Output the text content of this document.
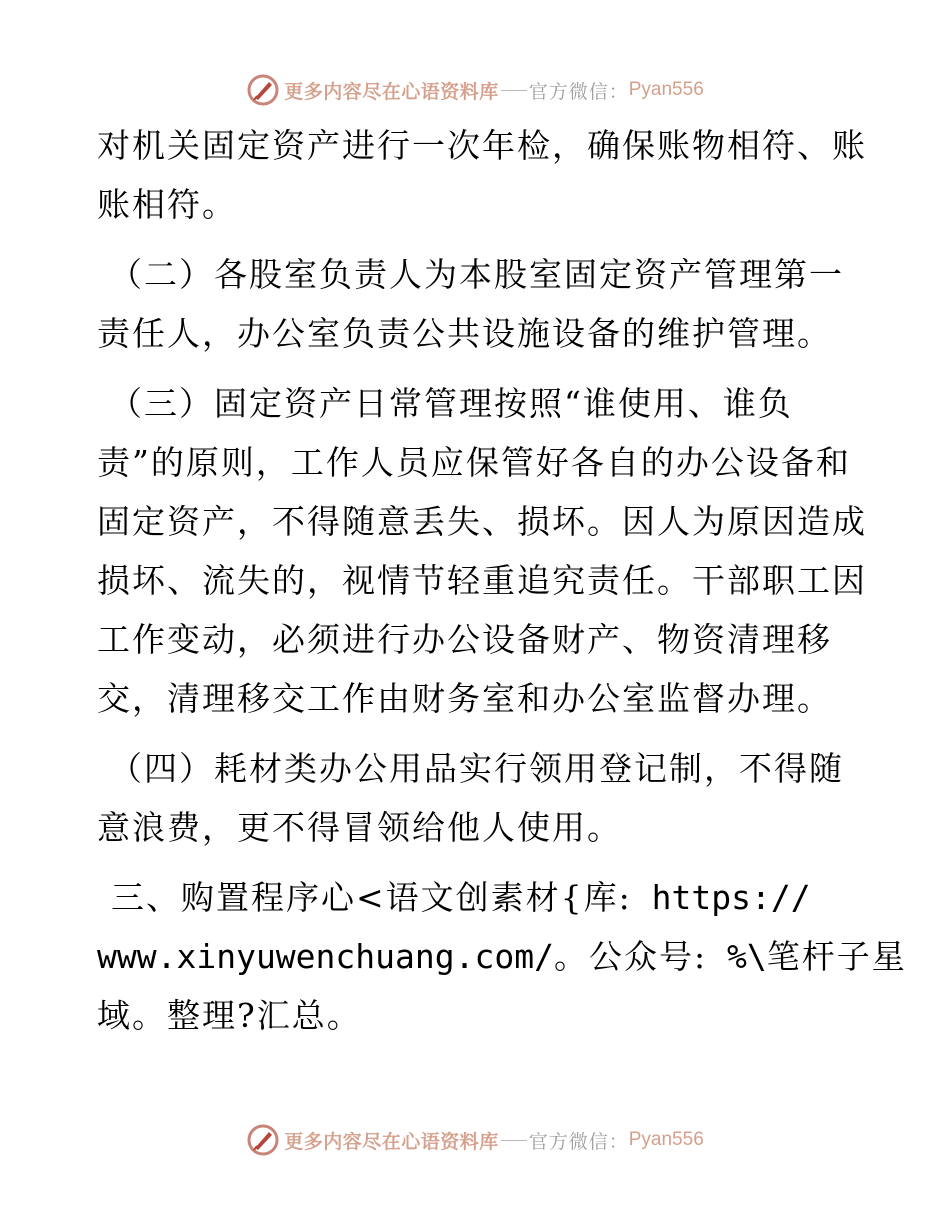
更多内容尽在心语资料库 官方微信： Pyan556

对机关固定资产进行一次年检，确保账物相符、账

账相符。

（二）各股室负责人为本股室固定资产管理第一

责任人，办公室负责公共设施设备的维护管理。

（三）固定资产日常管理按照“谁使用、谁负

责”的原则，工作人员应保管好各自的办公设备和

固定资产，不得随意丢失、损坏。因人为原因造成

损坏、流失的，视情节轻重追究责任。干部职工因

工作变动，必须进行办公设备财产、物资清理移

交，清理移交工作由财务室和办公室监督办理。

（四）耗材类办公用品实行领用登记制，不得随

意浪费，更不得冒领给他人使用。

三、购置程序心<语文创素材{库: https://

www.xinyuwenchuang.com/。公众号: %\笔杆子星

域。整理?汇总。

更多内容尽在心语资料库 官方微信： Pyan556
